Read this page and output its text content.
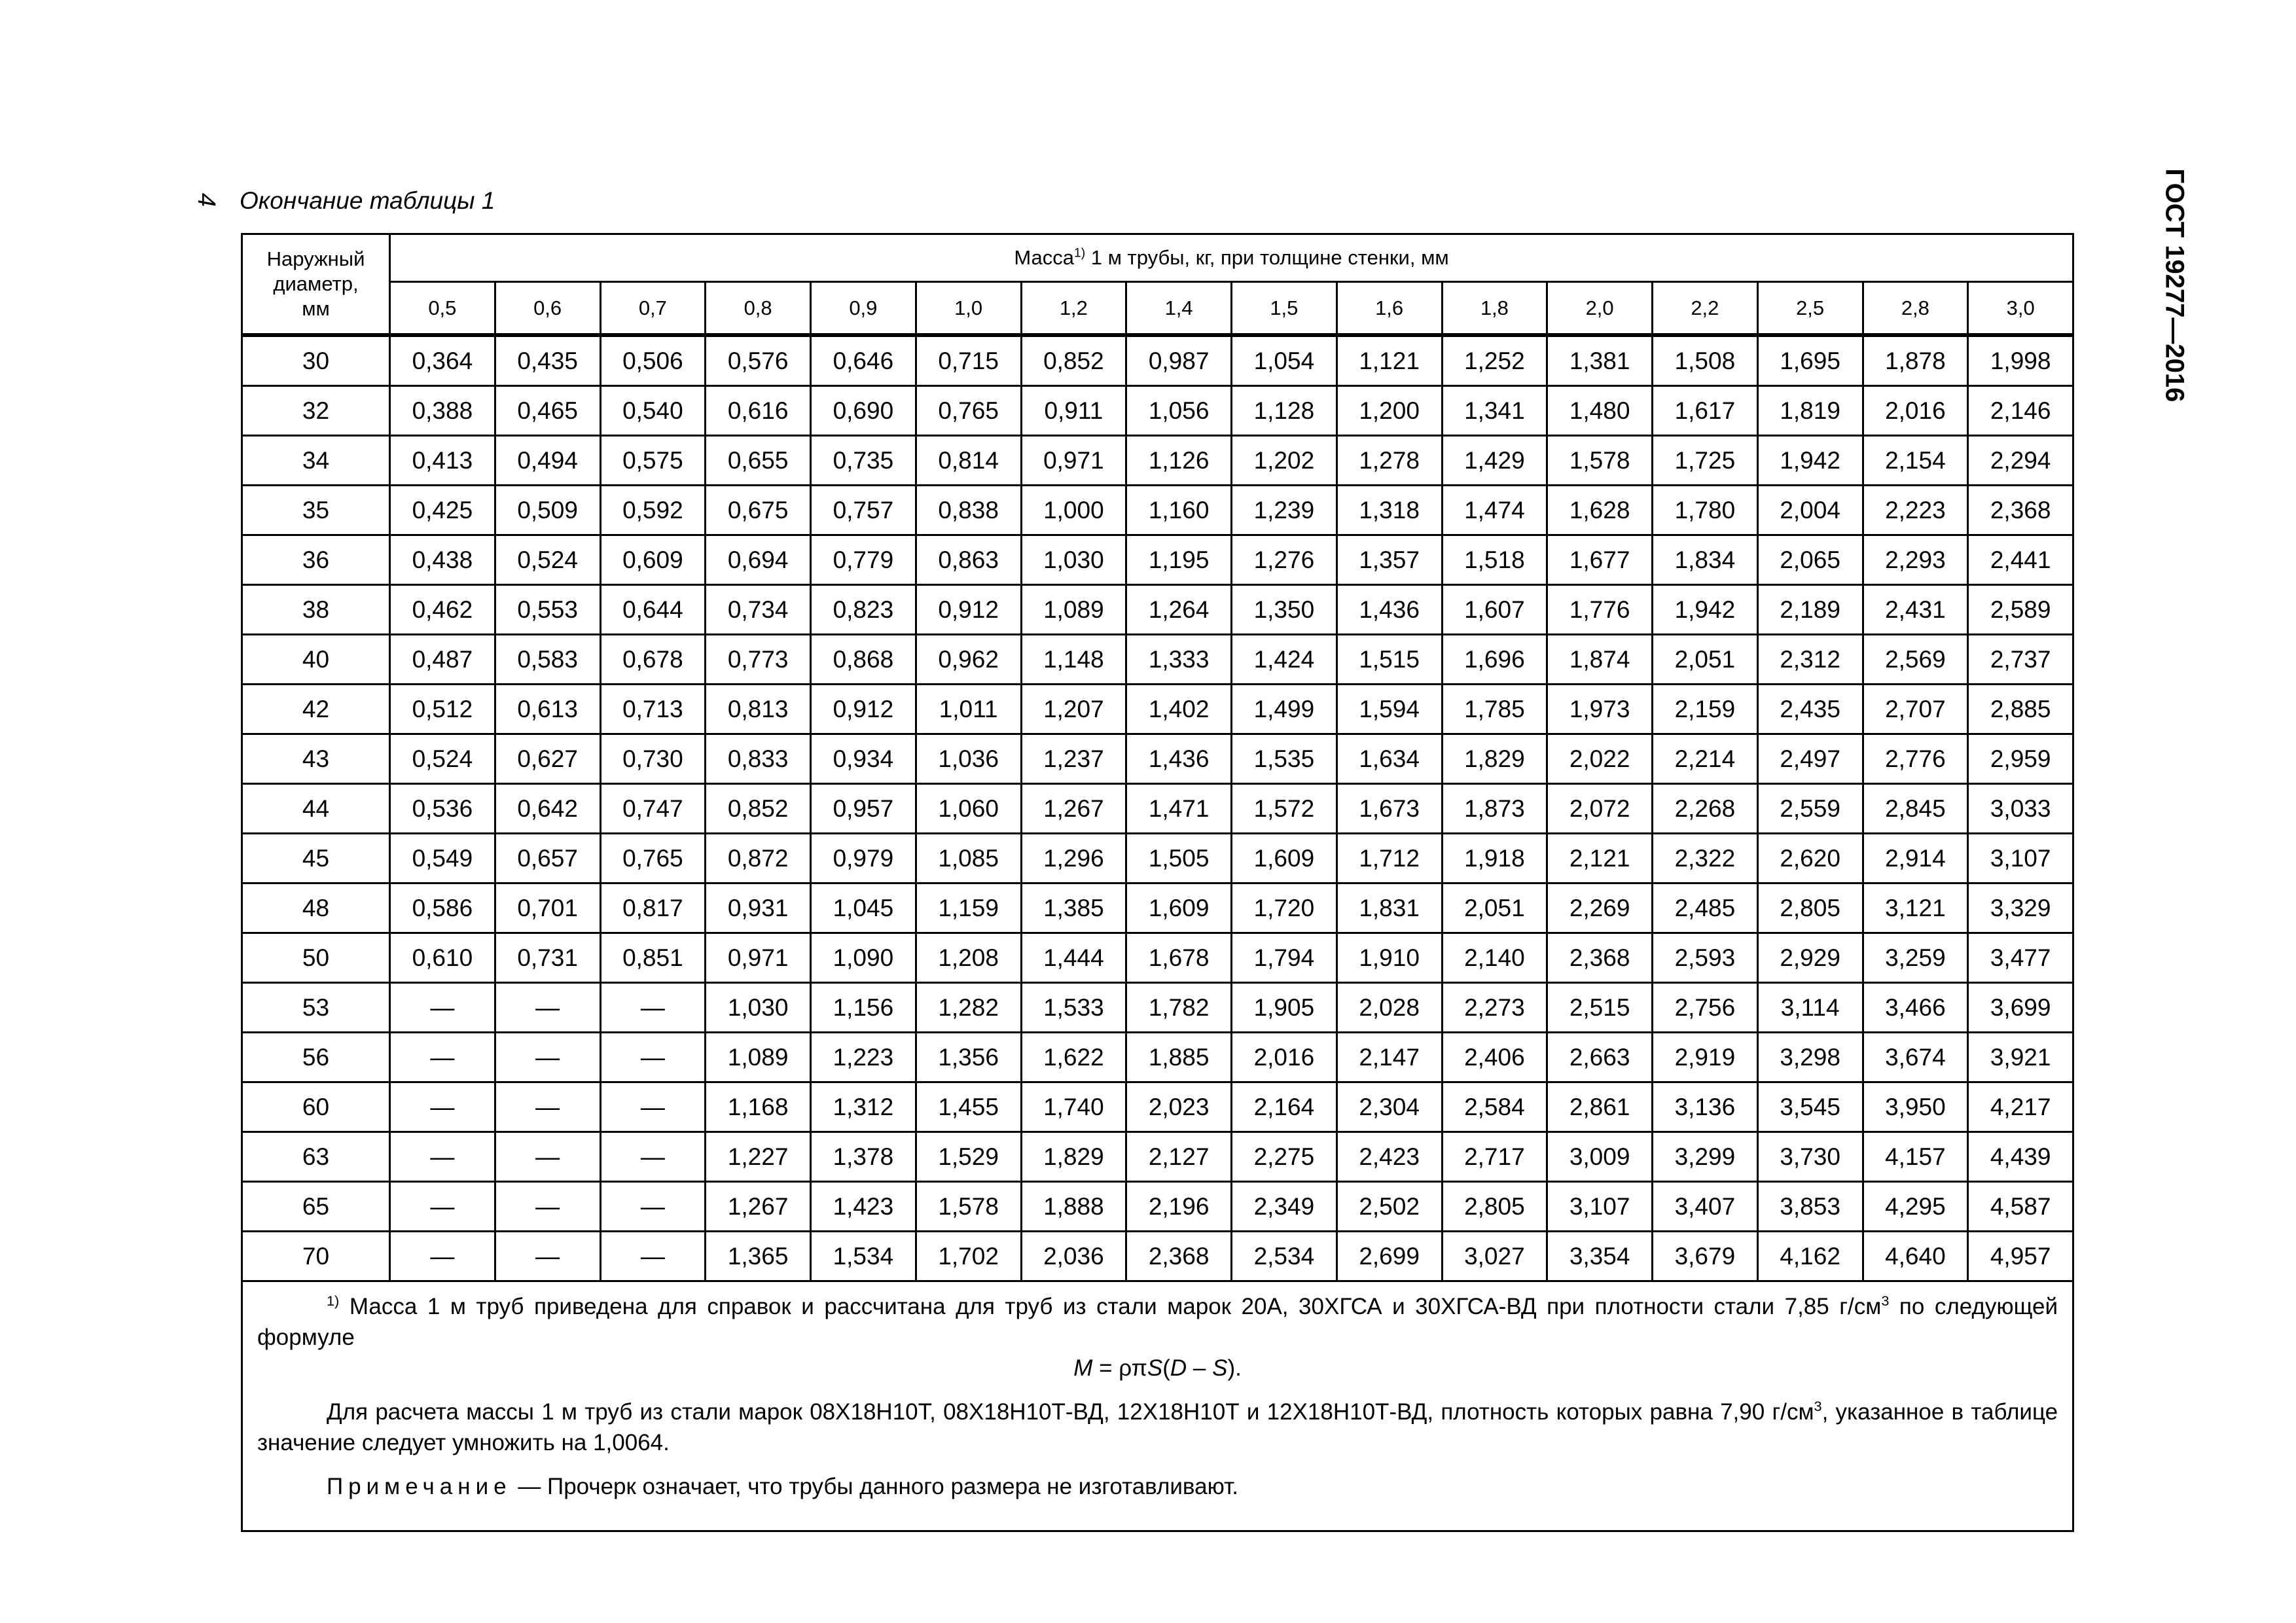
4 Окончание таблицы 1	ГОСТ 19277—2016
Наружный
диаметр,
мм	Масса$^{1)}$ 1 м трубы, кг, при толщине стенки, мм															
	0,5	0,6	0,7	0,8	0,9	1,0	1,2	1,4	1,5	1,6	1,8	2,0	2,2	2,5	2,8	3,0
30	0,364	0,435	0,506	0,576	0,646	0,715	0,852	0,987	1,054	1,121	1,252	1,381	1,508	1,695	1,878	1,998
32	0,388	0,465	0,540	0,616	0,690	0,765	0,911	1,056	1,128	1,200	1,341	1,480	1,617	1,819	2,016	2,146
34	0,413	0,494	0,575	0,655	0,735	0,814	0,971	1,126	1,202	1,278	1,429	1,578	1,725	1,942	2,154	2,294
35	0,425	0,509	0,592	0,675	0,757	0,838	1,000	1,160	1,239	1,318	1,474	1,628	1,780	2,004	2,223	2,368
36	0,438	0,524	0,609	0,694	0,779	0,863	1,030	1,195	1,276	1,357	1,518	1,677	1,834	2,065	2,293	2,441
38	0,462	0,553	0,644	0,734	0,823	0,912	1,089	1,264	1,350	1,436	1,607	1,776	1,942	2,189	2,431	2,589
40	0,487	0,583	0,678	0,773	0,868	0,962	1,148	1,333	1,424	1,515	1,696	1,874	2,051	2,312	2,569	2,737
42	0,512	0,613	0,713	0,813	0,912	1,011	1,207	1,402	1,499	1,594	1,785	1,973	2,159	2,435	2,707	2,885
43	0,524	0,627	0,730	0,833	0,934	1,036	1,237	1,436	1,535	1,634	1,829	2,022	2,214	2,497	2,776	2,959
44	0,536	0,642	0,747	0,852	0,957	1,060	1,267	1,471	1,572	1,673	1,873	2,072	2,268	2,559	2,845	3,033
45	0,549	0,657	0,765	0,872	0,979	1,085	1,296	1,505	1,609	1,712	1,918	2,121	2,322	2,620	2,914	3,107
48	0,586	0,701	0,817	0,931	1,045	1,159	1,385	1,609	1,720	1,831	2,051	2,269	2,485	2,805	3,121	3,329
50	0,610	0,731	0,851	0,971	1,090	1,208	1,444	1,678	1,794	1,910	2,140	2,368	2,593	2,929	3,259	3,477
53	—	—	—	1,030	1,156	1,282	1,533	1,782	1,905	2,028	2,273	2,515	2,756	3,114	3,466	3,699
56	—	—	—	1,089	1,223	1,356	1,622	1,885	2,016	2,147	2,406	2,663	2,919	3,298	3,674	3,921
60	—	—	—	1,168	1,312	1,455	1,740	2,023	2,164	2,304	2,584	2,861	3,136	3,545	3,950	4,217
63	—	—	—	1,227	1,378	1,529	1,829	2,127	2,275	2,423	2,717	3,009	3,299	3,730	4,157	4,439
65	—	—	—	1,267	1,423	1,578	1,888	2,196	2,349	2,502	2,805	3,107	3,407	3,853	4,295	4,587
70	—	—	—	1,365	1,534	1,702	2,036	2,368	2,534	2,699	3,027	3,354	3,679	4,162	4,640	4,957

$^{1)}$ Масса 1 м труб приведена для справок и рассчитана для труб из стали марок 20А, 30ХГСА и 30ХГСА-ВД при плотности стали 7,85 $г/см^3$ по следующей формуле

M = ρπS(D – S).

Для расчета массы 1 м труб из стали марок 08Х18Н10Т, 08Х18Н10Т-ВД, 12Х18Н10Т и 12Х18Н10Т-ВД, плотность которых равна 7,90 $г/см^3$, указанное в таблице значение следует умножить на 1,0064.

Примечание — Прочерк означает, что трубы данного размера не изготавливают.																
